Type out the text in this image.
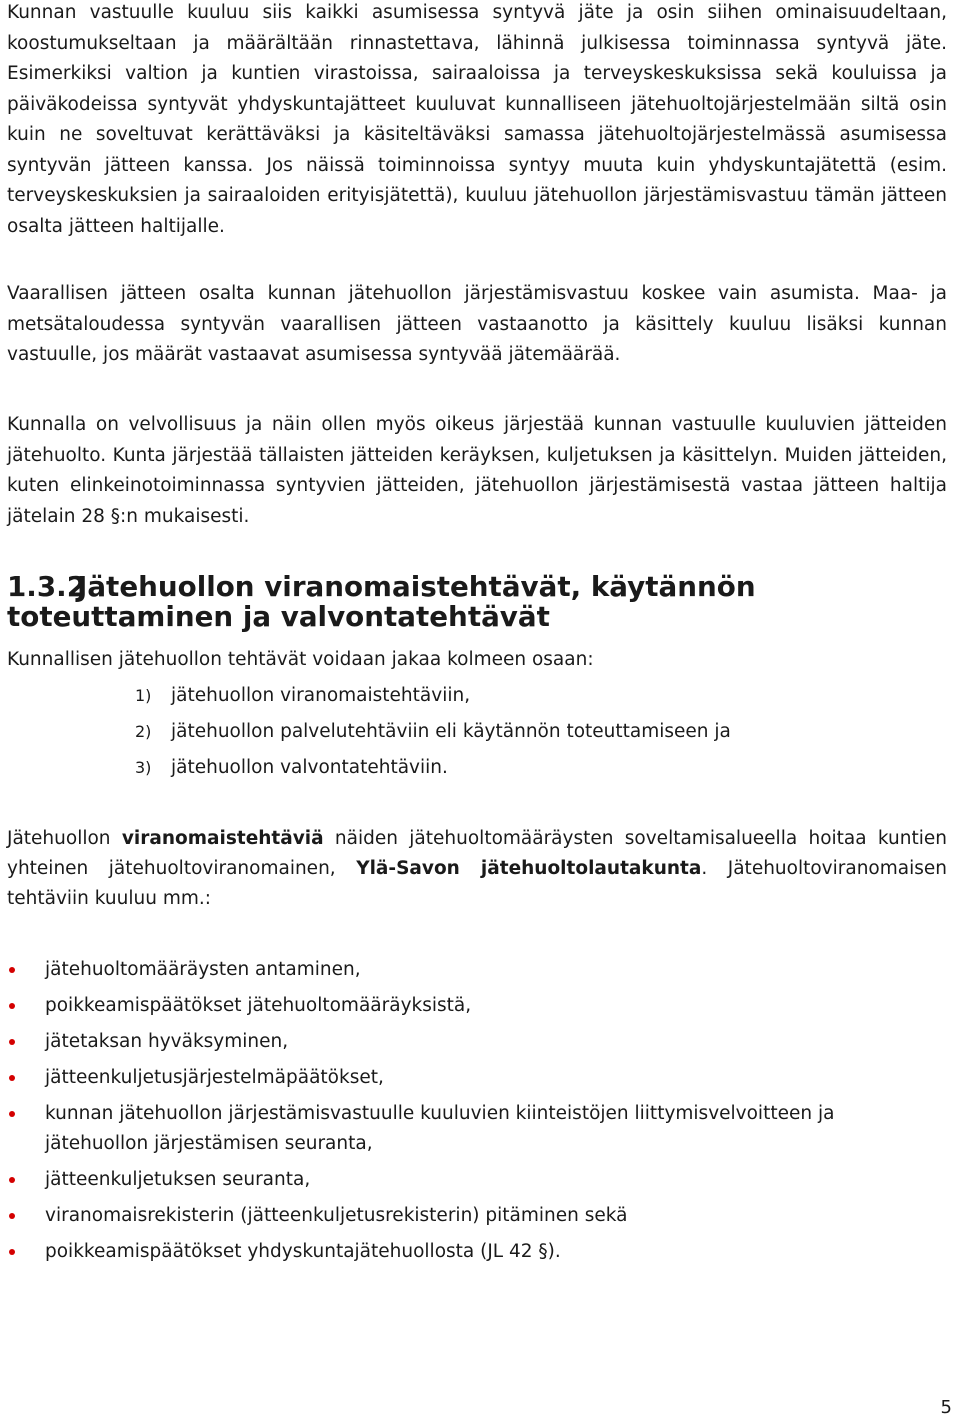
Kunnan vastuulle kuuluu siis kaikki asumisessa syntyvä jäte ja osin siihen ominaisuudeltaan, koostumukseltaan ja määrältään rinnastettava, lähinnä julkisessa toiminnassa syntyvä jäte. Esimerkiksi valtion ja kuntien virastoissa, sairaaloissa ja terveyskeskuksissa sekä kouluissa ja päiväkodeissa syntyvät yhdyskuntajätteet kuuluvat kunnalliseen jätehuoltojärjestelmään siltä osin kuin ne soveltuvat kerättäväksi ja käsiteltäväksi samassa jätehuoltojärjestelmässä asumisessa syntyvän jätteen kanssa. Jos näissä toiminnoissa syntyy muuta kuin yhdyskuntajätettä (esim. terveyskeskuksien ja sairaaloiden erityisjätettä), kuuluu jätehuollon järjestämisvastuu tämän jätteen osalta jätteen haltijalle.

Vaarallisen jätteen osalta kunnan jätehuollon järjestämisvastuu koskee vain asumista. Maa- ja metsätaloudessa syntyvän vaarallisen jätteen vastaanotto ja käsittely kuuluu lisäksi kunnan vastuulle, jos määrät vastaavat asumisessa syntyvää jätemäärää.

Kunnalla on velvollisuus ja näin ollen myös oikeus järjestää kunnan vastuulle kuuluvien jätteiden jätehuolto. Kunta järjestää tällaisten jätteiden keräyksen, kuljetuksen ja käsittelyn. Muiden jätteiden, kuten elinkeinotoiminnassa syntyvien jätteiden, jätehuollon järjestämisestä vastaa jätteen haltija jätelain 28 §:n mukaisesti.

1.3.2Jätehuollon viranomaistehtävät, käytännön toteuttaminen ja valvontatehtävät

Kunnallisen jätehuollon tehtävät voidaan jakaa kolmeen osaan:

1) jätehuollon viranomaistehtäviin,
2) jätehuollon palvelutehtäviin eli käytännön toteuttamiseen ja
3) jätehuollon valvontatehtäviin.

Jätehuollon viranomaistehtäviä näiden jätehuoltomääräysten soveltamisalueella hoitaa kuntien yhteinen jätehuoltoviranomainen, Ylä-Savon jätehuoltolautakunta. Jätehuoltoviranomaisen tehtäviin kuuluu mm.:

jätehuoltomääräysten antaminen,
poikkeamispäätökset jätehuoltomääräyksistä,
jätetaksan hyväksyminen,
jätteenkuljetusjärjestelmäpäätökset,
kunnan jätehuollon järjestämisvastuulle kuuluvien kiinteistöjen liittymisvelvoitteen ja jätehuollon järjestämisen seuranta,
jätteenkuljetuksen seuranta,
viranomaisrekisterin (jätteenkuljetusrekisterin) pitäminen sekä
poikkeamispäätökset yhdyskuntajätehuollosta (JL 42 §).
5
